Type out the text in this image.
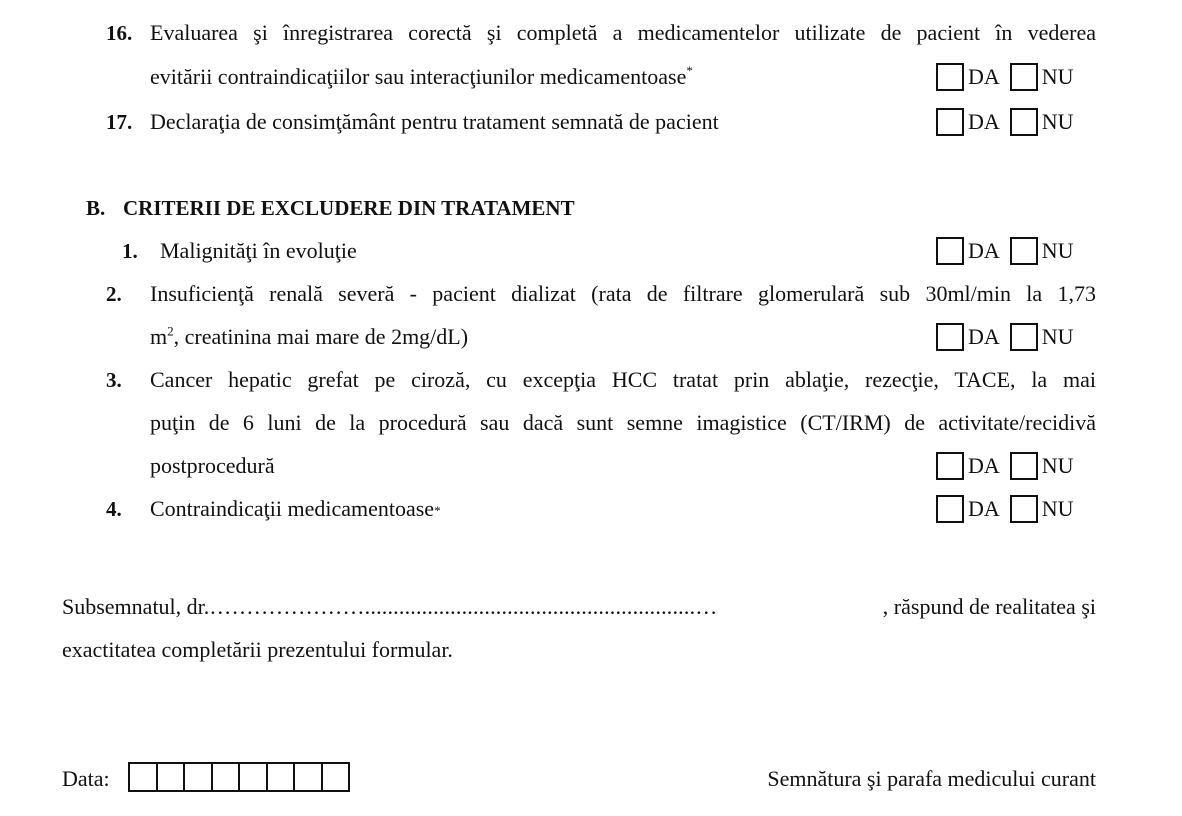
16. Evaluarea şi înregistrarea corectă şi completă a medicamentelor utilizate de pacient în vederea
evitării contraindicaţiilor sau interacţiunilor medicamentoase*	DA NU
17. Declaraţia de consimţământ pentru tratament semnată de pacient	DA NU
B. CRITERII DE EXCLUDERE DIN TRATAMENT
1. Malignităţi în evoluţie	DA NU
2. Insuficienţă renală severă - pacient dializat (rata de filtrare glomerulară sub 30ml/min la 1,73
$m^2$, creatinina mai mare de 2mg/dL)	DA NU
3. Cancer hepatic grefat pe ciroză, cu excepţia HCC tratat prin ablaţie, rezecţie, TACE, la mai
puţin de 6 luni de la procedură sau dacă sunt semne imagistice (CT/IRM) de activitate/recidivă
postprocedură	DA NU
4. Contraindicaţii medicamentoase*	DA NU
Subsemnatul, dr. …………………..........................................................…	, răspund de realitatea şi
exactitatea completării prezentului formular.
Data:	Semnătura şi parafa medicului curant
